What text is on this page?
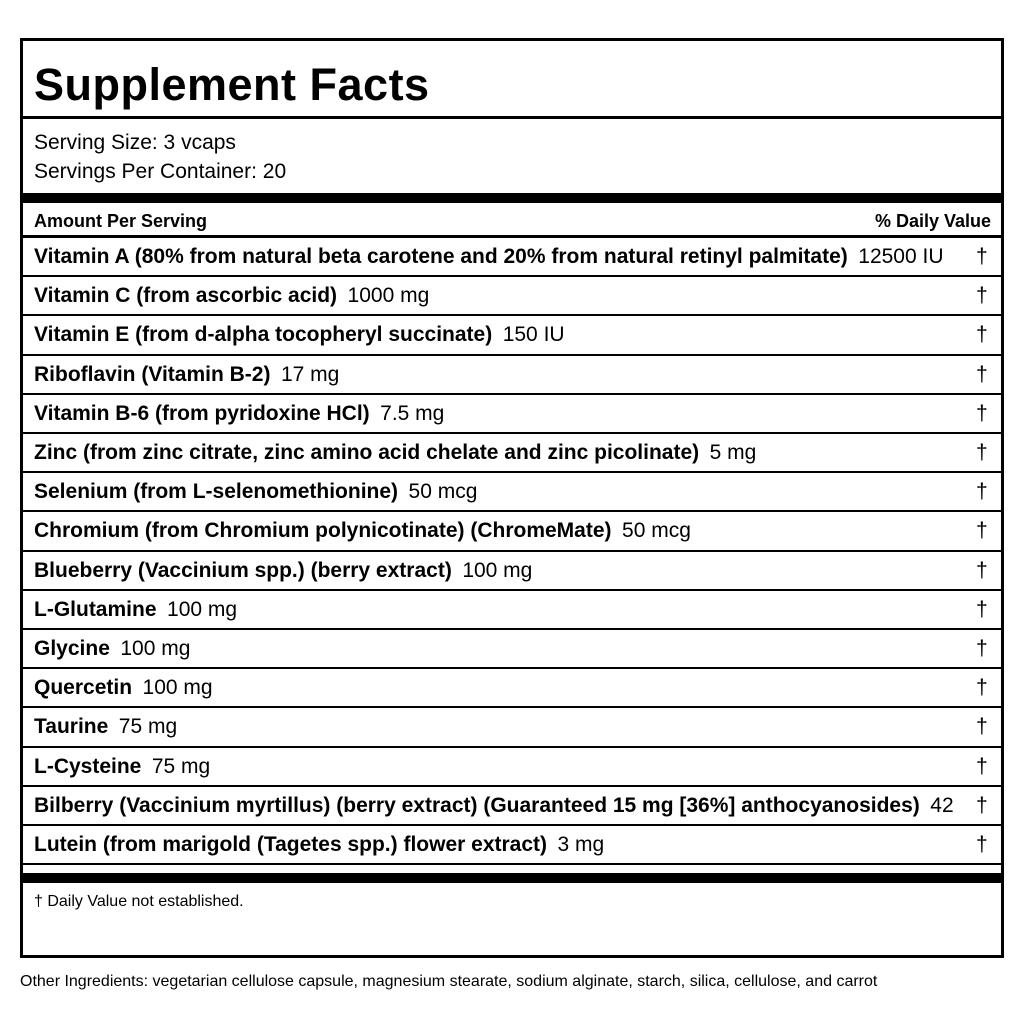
Supplement Facts
Serving Size: 3 vcaps
Servings Per Container: 20
Amount Per Serving	% Daily Value
Vitamin A (80% from natural beta carotene and 20% from natural retinyl palmitate)  12500 IU †
Vitamin C (from ascorbic acid)  1000 mg	†
Vitamin E (from d-alpha tocopheryl succinate)  150 IU	†
Riboflavin (Vitamin B-2)  17 mg	†
Vitamin B-6 (from pyridoxine HCl)  7.5 mg	†
Zinc (from zinc citrate, zinc amino acid chelate and zinc picolinate)  5 mg	†
Selenium (from L-selenomethionine)  50 mcg	†
Chromium (from Chromium polynicotinate) (ChromeMate)  50 mcg	†
Blueberry (Vaccinium spp.) (berry extract)  100 mg	†
L-Glutamine  100 mg	†
Glycine  100 mg	†
Quercetin  100 mg	†
Taurine  75 mg	†
L-Cysteine  75 mg	†
Bilberry (Vaccinium myrtillus) (berry extract) (Guaranteed 15 mg [36%] anthocyanosides)  42 †
Lutein (from marigold (Tagetes spp.) flower extract)  3 mg	†
† Daily Value not established.
Other Ingredients: vegetarian cellulose capsule, magnesium stearate, sodium alginate, starch, silica, cellulose, and carrot
